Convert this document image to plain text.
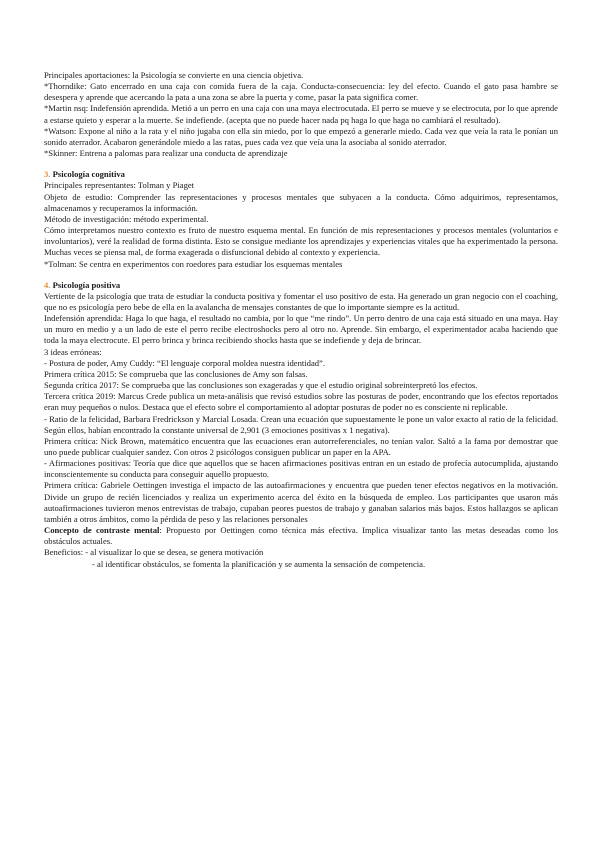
Principales aportaciones: la Psicología se convierte en una ciencia objetiva.

*Thorndike: Gato encerrado en una caja con comida fuera de la caja. Conducta-consecuencia: ley del efecto. Cuando el gato pasa hambre se desespera y aprende que acercando la pata a una zona se abre la puerta y come, pasar la pata significa comer.

*Martin nsq: Indefensión aprendida. Metió a un perro en una caja con una maya electrocutada. El perro se mueve y se electrocuta, por lo que aprende a estarse quieto y esperar a la muerte. Se indefiende. (acepta que no puede hacer nada pq haga lo que haga no cambiará el resultado).

*Watson: Expone al niño a la rata y el niño jugaba con ella sin miedo, por lo que empezó a generarle miedo. Cada vez que veía la rata le ponían un sonido aterrador. Acabaron generándole miedo a las ratas, pues cada vez que veía una la asociaba al sonido aterrador.

*Skinner: Entrena a palomas para realizar una conducta de aprendizaje

3. Psicología cognitiva

Principales representantes: Tolman y Piaget

Objeto de estudio: Comprender las representaciones y procesos mentales que subyacen a la conducta. Cómo adquirimos, representamos, almacenamos y recuperamos la información.

Método de investigación: método experimental.

Cómo interpretamos nuestro contexto es fruto de nuestro esquema mental. En función de mis representaciones y procesos mentales (voluntarios e involuntarios), veré la realidad de forma distinta. Esto se consigue mediante los aprendizajes y experiencias vitales que ha experimentado la persona. Muchas veces se piensa mal, de forma exagerada o disfuncional debido al contexto y experiencia.

*Tolman: Se centra en experimentos con roedores para estudiar los esquemas mentales

4. Psicología positiva

Vertiente de la psicología que trata de estudiar la conducta positiva y fomentar el uso positivo de esta. Ha generado un gran negocio con el coaching, que no es psicología pero bebe de ella en la avalancha de mensajes constantes de que lo importante siempre es la actitud.

Indefensión aprendida: Haga lo que haga, el resultado no cambia, por lo que “me rindo”. Un perro dentro de una caja está situado en una maya. Hay un muro en medio y a un lado de este el perro recibe electroshocks pero al otro no. Aprende. Sin embargo, el experimentador acaba haciendo que toda la maya electrocute. El perro brinca y brinca recibiendo shocks hasta que se indefiende y deja de brincar.

3 ideas erróneas:

- Postura de poder, Amy Cuddy: “El lenguaje corporal moldea nuestra identidad”.

Primera crítica 2015: Se comprueba que las conclusiones de Amy son falsas.

Segunda crítica 2017: Se comprueba que las conclusiones son exageradas y que el estudio original sobreinterpretó los efectos.

Tercera crítica 2019: Marcus Crede publica un meta-análisis que revisó estudios sobre las posturas de poder, encontrando que los efectos reportados eran muy pequeños o nulos. Destaca que el efecto sobre el comportamiento al adoptar posturas de poder no es consciente ni replicable.

- Ratio de la felicidad, Barbara Fredrickson y Marcial Losada. Crean una ecuación que supuestamente le pone un valor exacto al ratio de la felicidad. Según ellos, habían encontrado la constante universal de 2,901 (3 emociones positivas x 1 negativa).

Primera crítica: Nick Brown, matemático encuentra que las ecuaciones eran autorreferenciales, no tenían valor. Saltó a la fama por demostrar que uno puede publicar cualquier sandez. Con otros 2 psicólogos consiguen publicar un paper en la APA.

- Afirmaciones positivas: Teoría que dice que aquellos que se hacen afirmaciones positivas entran en un estado de profecía autocumplida, ajustando inconscientemente su conducta para conseguir aquello propuesto.

Primera crítica: Gabriele Oettingen investiga el impacto de las autoafirmaciones y encuentra que pueden tener efectos negativos en la motivación. Divide un grupo de recién licenciados y realiza un experimento acerca del éxito en la búsqueda de empleo. Los participantes que usaron más autoafirmaciones tuvieron menos entrevistas de trabajo, cupaban peores puestos de trabajo y ganaban salarios más bajos. Estos hallazgos se aplican también a otros ámbitos, como la pérdida de peso y las relaciones personales

Concepto de contraste mental: Propuesto por Oettingen como técnica más efectiva. Implica visualizar tanto las metas deseadas como los obstáculos actuales.

Beneficios: - al visualizar lo que se desea, se genera motivación

- al identificar obstáculos, se fomenta la planificación y se aumenta la sensación de competencia.
